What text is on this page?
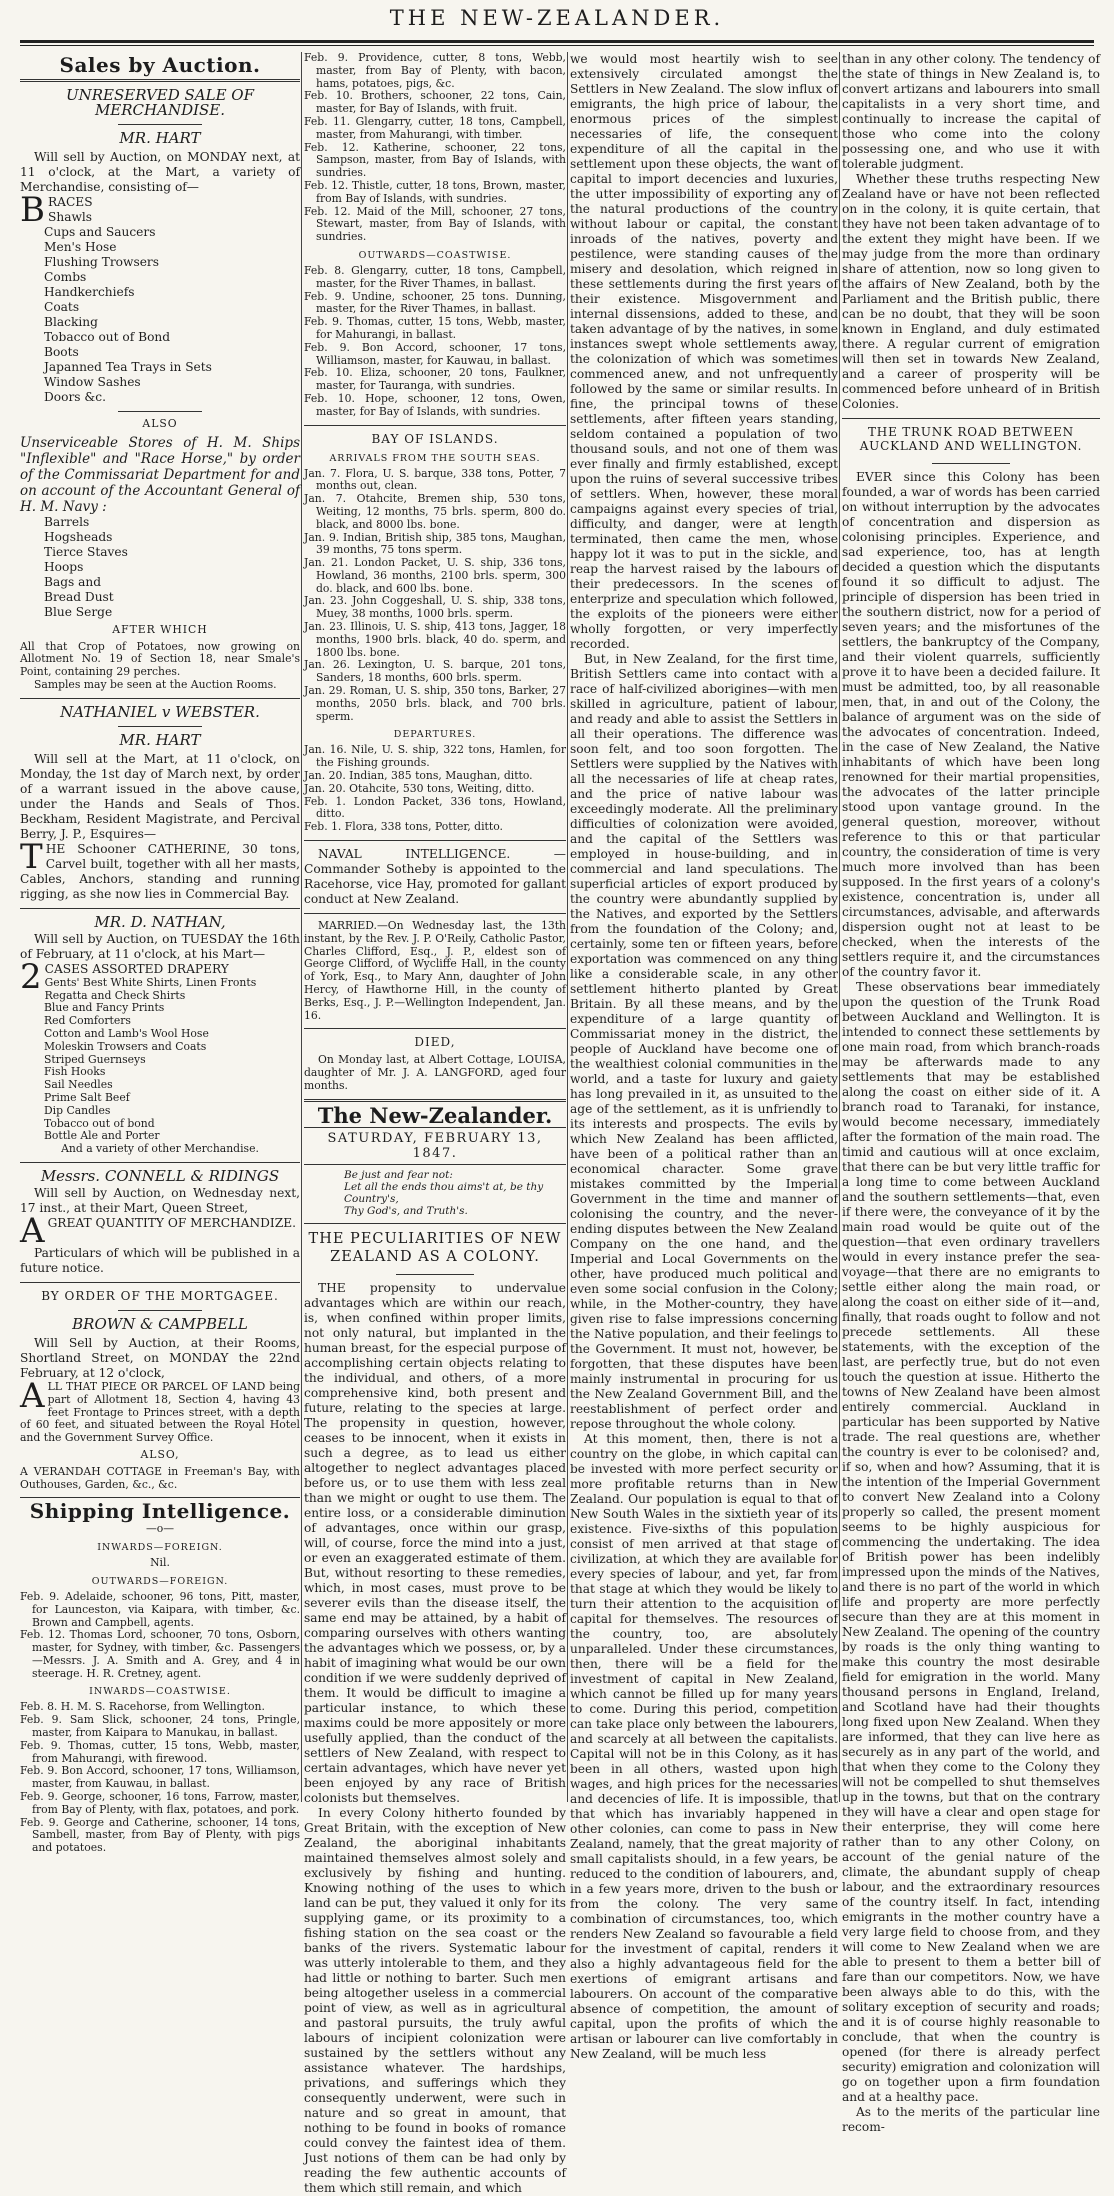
THE NEW-ZEALANDER.
Sales by Auction.
UNRESERVED SALE OF MERCHANDISE.
MR. HART

Will sell by Auction, on MONDAY next, at 11 o'clock, at the Mart, a variety of Merchandise, consisting of—

BRACES

Shawls

Cups and Saucers

Men's Hose

Flushing Trowsers

Combs

Handkerchiefs

Coats

Blacking

Tobacco out of Bond

Boots

Japanned Tea Trays in Sets

Window Sashes

Doors &c.

ALSO

Unserviceable Stores of H. M. Ships "Inflexible" and "Race Horse," by order of the Commissariat Department for and on account of the Accountant General of H. M. Navy :

Barrels

Hogsheads

Tierce Staves

Hoops

Bags and

Bread Dust

Blue Serge

AFTER WHICH

All that Crop of Potatoes, now growing on Allotment No. 19 of Section 18, near Smale's Point, containing 29 perches.

Samples may be seen at the Auction Rooms.

NATHANIEL v WEBSTER.
MR. HART

Will sell at the Mart, at 11 o'clock, on Monday, the 1st day of March next, by order of a warrant issued in the above cause, under the Hands and Seals of Thos. Beckham, Resident Magistrate, and Percival Berry, J. P., Esquires—

THE Schooner CATHERINE, 30 tons, Carvel built, together with all her masts, Cables, Anchors, standing and running rigging, as she now lies in Commercial Bay.

MR. D. NATHAN,

Will sell by Auction, on TUESDAY the 16th of February, at 11 o'clock, at his Mart—

2 CASES ASSORTED DRAPERY

Gents' Best White Shirts, Linen Fronts

Regatta and Check Shirts

Blue and Fancy Prints

Red Comforters

Cotton and Lamb's Wool Hose

Moleskin Trowsers and Coats

Striped Guernseys

Fish Hooks

Sail Needles

Prime Salt Beef

Dip Candles

Tobacco out of bond

Bottle Ale and Porter

And a variety of other Merchandise.

Messrs. CONNELL & RIDINGS

Will sell by Auction, on Wednesday next, 17 inst., at their Mart, Queen Street,

AGREAT QUANTITY OF MERCHANDIZE.

Particulars of which will be published in a future notice.

BY ORDER OF THE MORTGAGEE.
BROWN & CAMPBELL

Will Sell by Auction, at their Rooms, Shortland Street, on MONDAY the 22nd February, at 12 o'clock,

ALL THAT PIECE OR PARCEL OF LAND being part of Allotment 18, Section 4, having 43 feet Frontage to Princes street, with a depth of 60 feet, and situated between the Royal Hotel and the Government Survey Office.

ALSO,

A VERANDAH COTTAGE in Freeman's Bay, with Outhouses, Garden, &c., &c.

Shipping Intelligence.
—o—
INWARDS—FOREIGN.
Nil.
OUTWARDS—FOREIGN.

Feb. 9. Adelaide, schooner, 96 tons, Pitt, master, for Launceston, via Kaipara, with timber, &c. Brown and Campbell, agents.

Feb. 12. Thomas Lord, schooner, 70 tons, Osborn, master, for Sydney, with timber, &c. Passengers—Messrs. J. A. Smith and A. Grey, and 4 in steerage. H. R. Cretney, agent.

INWARDS—COASTWISE.

Feb. 8. H. M. S. Racehorse, from Wellington.

Feb. 9. Sam Slick, schooner, 24 tons, Pringle, master, from Kaipara to Manukau, in ballast.

Feb. 9. Thomas, cutter, 15 tons, Webb, master, from Mahurangi, with firewood.

Feb. 9. Bon Accord, schooner, 17 tons, Williamson, master, from Kauwau, in ballast.

Feb. 9. George, schooner, 16 tons, Farrow, master, from Bay of Plenty, with flax, potatoes, and pork.

Feb. 9. George and Catherine, schooner, 14 tons, Sambell, master, from Bay of Plenty, with pigs and potatoes.

Feb. 9. Providence, cutter, 8 tons, Webb, master, from Bay of Plenty, with bacon, hams, potatoes, pigs, &c.

Feb. 10. Brothers, schooner, 22 tons, Cain, master, for Bay of Islands, with fruit.

Feb. 11. Glengarry, cutter, 18 tons, Campbell, master, from Mahurangi, with timber.

Feb. 12. Katherine, schooner, 22 tons, Sampson, master, from Bay of Islands, with sundries.

Feb. 12. Thistle, cutter, 18 tons, Brown, master, from Bay of Islands, with sundries.

Feb. 12. Maid of the Mill, schooner, 27 tons, Stewart, master, from Bay of Islands, with sundries.

OUTWARDS—COASTWISE.

Feb. 8. Glengarry, cutter, 18 tons, Campbell, master, for the River Thames, in ballast.

Feb. 9. Undine, schooner, 25 tons. Dunning, master, for the River Thames, in ballast.

Feb. 9. Thomas, cutter, 15 tons, Webb, master, for Mahurangi, in ballast.

Feb. 9. Bon Accord, schooner, 17 tons, Williamson, master, for Kauwau, in ballast.

Feb. 10. Eliza, schooner, 20 tons, Faulkner, master, for Tauranga, with sundries.

Feb. 10. Hope, schooner, 12 tons, Owen, master, for Bay of Islands, with sundries.

BAY OF ISLANDS.
ARRIVALS FROM THE SOUTH SEAS.

Jan. 7. Flora, U. S. barque, 338 tons, Potter, 7 months out, clean.

Jan. 7. Otahcite, Bremen ship, 530 tons, Weiting, 12 months, 75 brls. sperm, 800 do. black, and 8000 lbs. bone.

Jan. 9. Indian, British ship, 385 tons, Maughan, 39 months, 75 tons sperm.

Jan. 21. London Packet, U. S. ship, 336 tons, Howland, 36 months, 2100 brls. sperm, 300 do. black, and 600 lbs. bone.

Jan. 23. John Coggeshall, U. S. ship, 338 tons, Muey, 38 months, 1000 brls. sperm.

Jan. 23. Illinois, U. S. ship, 413 tons, Jagger, 18 months, 1900 brls. black, 40 do. sperm, and 1800 lbs. bone.

Jan. 26. Lexington, U. S. barque, 201 tons, Sanders, 18 months, 600 brls. sperm.

Jan. 29. Roman, U. S. ship, 350 tons, Barker, 27 months, 2050 brls. black, and 700 brls. sperm.

DEPARTURES.

Jan. 16. Nile, U. S. ship, 322 tons, Hamlen, for the Fishing grounds.

Jan. 20. Indian, 385 tons, Maughan, ditto.

Jan. 20. Otahcite, 530 tons, Weiting, ditto.

Feb. 1. London Packet, 336 tons, Howland, ditto.

Feb. 1. Flora, 338 tons, Potter, ditto.

NAVAL INTELLIGENCE. — Commander Sotheby is appointed to the Racehorse, vice Hay, promoted for gallant conduct at New Zealand.

MARRIED.—On Wednesday last, the 13th instant, by the Rev. J. P. O'Reily, Catholic Pastor, Charles Clifford, Esq., J. P., eldest son of George Clifford, of Wycliffe Hall, in the county of York, Esq., to Mary Ann, daughter of John Hercy, of Hawthorne Hill, in the county of Berks, Esq., J. P.—Wellington Independent, Jan. 16.

DIED,

On Monday last, at Albert Cottage, LOUISA, daughter of Mr. J. A. LANGFORD, aged four months.

The New-Zealander.
SATURDAY, FEBRUARY 13, 1847.
Be just and fear not:
Let all the ends thou aims't at, be thy Country's,
Thy God's, and Truth's.
THE PECULIARITIES OF NEW ZEALAND AS A COLONY.

THE propensity to undervalue advantages which are within our reach, is, when confined within proper limits, not only natural, but implanted in the human breast, for the especial purpose of accomplishing certain objects relating to the individual, and others, of a more comprehensive kind, both present and future, relating to the species at large. The propensity in question, however, ceases to be innocent, when it exists in such a degree, as to lead us either altogether to neglect advantages placed before us, or to use them with less zeal than we might or ought to use them. The entire loss, or a considerable diminution of advantages, once within our grasp, will, of course, force the mind into a just, or even an exaggerated estimate of them. But, without resorting to these remedies, which, in most cases, must prove to be severer evils than the disease itself, the same end may be attained, by a habit of comparing ourselves with others wanting the advantages which we possess, or, by a habit of imagining what would be our own condition if we were suddenly deprived of them. It would be difficult to imagine a particular instance, to which these maxims could be more appositely or more usefully applied, than the conduct of the settlers of New Zealand, with respect to certain advantages, which have never yet been enjoyed by any race of British colonists but themselves.

In every Colony hitherto founded by Great Britain, with the exception of New Zealand, the aboriginal inhabitants maintained themselves almost solely and exclusively by fishing and hunting. Knowing nothing of the uses to which land can be put, they valued it only for its supplying game, or its proximity to a fishing station on the sea coast or the banks of the rivers. Systematic labour was utterly intolerable to them, and they had little or nothing to barter. Such men being altogether useless in a commercial point of view, as well as in agricultural and pastoral pursuits, the truly awful labours of incipient colonization were sustained by the settlers without any assistance whatever. The hardships, privations, and sufferings which they consequently underwent, were such in nature and so great in amount, that nothing to be found in books of romance could convey the faintest idea of them. Just notions of them can be had only by reading the few authentic accounts of them which still remain, and which

we would most heartily wish to see extensively circulated amongst the Settlers in New Zealand. The slow influx of emigrants, the high price of labour, the enormous prices of the simplest necessaries of life, the consequent expenditure of all the capital in the settlement upon these objects, the want of capital to import decencies and luxuries, the utter impossibility of exporting any of the natural productions of the country without labour or capital, the constant inroads of the natives, poverty and pestilence, were standing causes of the misery and desolation, which reigned in these settlements during the first years of their existence. Misgovernment and internal dissensions, added to these, and taken advantage of by the natives, in some instances swept whole settlements away, the colonization of which was sometimes commenced anew, and not unfrequently followed by the same or similar results. In fine, the principal towns of these settlements, after fifteen years standing, seldom contained a population of two thousand souls, and not one of them was ever finally and firmly established, except upon the ruins of several successive tribes of settlers. When, however, these moral campaigns against every species of trial, difficulty, and danger, were at length terminated, then came the men, whose happy lot it was to put in the sickle, and reap the harvest raised by the labours of their predecessors. In the scenes of enterprize and speculation which followed, the exploits of the pioneers were either wholly forgotten, or very imperfectly recorded.

But, in New Zealand, for the first time, British Settlers came into contact with a race of half-civilized aborigines—with men skilled in agriculture, patient of labour, and ready and able to assist the Settlers in all their operations. The difference was soon felt, and too soon forgotten. The Settlers were supplied by the Natives with all the necessaries of life at cheap rates, and the price of native labour was exceedingly moderate. All the preliminary difficulties of colonization were avoided, and the capital of the Settlers was employed in house-building, and in commercial and land speculations. The superficial articles of export produced by the country were abundantly supplied by the Natives, and exported by the Settlers from the foundation of the Colony; and, certainly, some ten or fifteen years, before exportation was commenced on any thing like a considerable scale, in any other settlement hitherto planted by Great Britain. By all these means, and by the expenditure of a large quantity of Commissariat money in the district, the people of Auckland have become one of the wealthiest colonial communities in the world, and a taste for luxury and gaiety has long prevailed in it, as unsuited to the age of the settlement, as it is unfriendly to its interests and prospects. The evils by which New Zealand has been afflicted, have been of a political rather than an economical character. Some grave mistakes committed by the Imperial Government in the time and manner of colonising the country, and the never-ending disputes between the New Zealand Company on the one hand, and the Imperial and Local Governments on the other, have produced much political and even some social confusion in the Colony; while, in the Mother-country, they have given rise to false impressions concerning the Native population, and their feelings to the Government. It must not, however, be forgotten, that these disputes have been mainly instrumental in procuring for us the New Zealand Government Bill, and the reestablishment of perfect order and repose throughout the whole colony.

At this moment, then, there is not a country on the globe, in which capital can be invested with more perfect security or more profitable returns than in New Zealand. Our population is equal to that of New South Wales in the sixtieth year of its existence. Five-sixths of this population consist of men arrived at that stage of civilization, at which they are available for every species of labour, and yet, far from that stage at which they would be likely to turn their attention to the acquisition of capital for themselves. The resources of the country, too, are absolutely unparalleled. Under these circumstances, then, there will be a field for the investment of capital in New Zealand, which cannot be filled up for many years to come. During this period, competition can take place only between the labourers, and scarcely at all between the capitalists. Capital will not be in this Colony, as it has been in all others, wasted upon high wages, and high prices for the necessaries and decencies of life. It is impossible, that that which has invariably happened in other colonies, can come to pass in New Zealand, namely, that the great majority of small capitalists should, in a few years, be reduced to the condition of labourers, and, in a few years more, driven to the bush or from the colony. The very same combination of circumstances, too, which renders New Zealand so favourable a field for the investment of capital, renders it also a highly advantageous field for the exertions of emigrant artisans and labourers. On account of the comparative absence of competition, the amount of capital, upon the profits of which the artisan or labourer can live comfortably in New Zealand, will be much less

than in any other colony. The tendency of the state of things in New Zealand is, to convert artizans and labourers into small capitalists in a very short time, and continually to increase the capital of those who come into the colony possessing one, and who use it with tolerable judgment.

Whether these truths respecting New Zealand have or have not been reflected on in the colony, it is quite certain, that they have not been taken advantage of to the extent they might have been. If we may judge from the more than ordinary share of attention, now so long given to the affairs of New Zealand, both by the Parliament and the British public, there can be no doubt, that they will be soon known in England, and duly estimated there. A regular current of emigration will then set in towards New Zealand, and a career of prosperity will be commenced before unheard of in British Colonies.

THE TRUNK ROAD BETWEEN AUCKLAND AND WELLINGTON.

EVER since this Colony has been founded, a war of words has been carried on without interruption by the advocates of concentration and dispersion as colonising principles. Experience, and sad experience, too, has at length decided a question which the disputants found it so difficult to adjust. The principle of dispersion has been tried in the southern district, now for a period of seven years; and the misfortunes of the settlers, the bankruptcy of the Company, and their violent quarrels, sufficiently prove it to have been a decided failure. It must be admitted, too, by all reasonable men, that, in and out of the Colony, the balance of argument was on the side of the advocates of concentration. Indeed, in the case of New Zealand, the Native inhabitants of which have been long renowned for their martial propensities, the advocates of the latter principle stood upon vantage ground. In the general question, moreover, without reference to this or that particular country, the consideration of time is very much more involved than has been supposed. In the first years of a colony's existence, concentration is, under all circumstances, advisable, and afterwards dispersion ought not at least to be checked, when the interests of the settlers require it, and the circumstances of the country favor it.

These observations bear immediately upon the question of the Trunk Road between Auckland and Wellington. It is intended to connect these settlements by one main road, from which branch-roads may be afterwards made to any settlements that may be established along the coast on either side of it. A branch road to Taranaki, for instance, would become necessary, immediately after the formation of the main road. The timid and cautious will at once exclaim, that there can be but very little traffic for a long time to come between Auckland and the southern settlements—that, even if there were, the conveyance of it by the main road would be quite out of the question—that even ordinary travellers would in every instance prefer the sea-voyage—that there are no emigrants to settle either along the main road, or along the coast on either side of it—and, finally, that roads ought to follow and not precede settlements. All these statements, with the exception of the last, are perfectly true, but do not even touch the question at issue. Hitherto the towns of New Zealand have been almost entirely commercial. Auckland in particular has been supported by Native trade. The real questions are, whether the country is ever to be colonised? and, if so, when and how? Assuming, that it is the intention of the Imperial Government to convert New Zealand into a Colony properly so called, the present moment seems to be highly auspicious for commencing the undertaking. The idea of British power has been indelibly impressed upon the minds of the Natives, and there is no part of the world in which life and property are more perfectly secure than they are at this moment in New Zealand. The opening of the country by roads is the only thing wanting to make this country the most desirable field for emigration in the world. Many thousand persons in England, Ireland, and Scotland have had their thoughts long fixed upon New Zealand. When they are informed, that they can live here as securely as in any part of the world, and that when they come to the Colony they will not be compelled to shut themselves up in the towns, but that on the contrary they will have a clear and open stage for their enterprise, they will come here rather than to any other Colony, on account of the genial nature of the climate, the abundant supply of cheap labour, and the extraordinary resources of the country itself. In fact, intending emigrants in the mother country have a very large field to choose from, and they will come to New Zealand when we are able to present to them a better bill of fare than our competitors. Now, we have been always able to do this, with the solitary exception of security and roads; and it is of course highly reasonable to conclude, that when the country is opened (for there is already perfect security) emigration and colonization will go on together upon a firm foundation and at a healthy pace.

As to the merits of the particular line recom-
